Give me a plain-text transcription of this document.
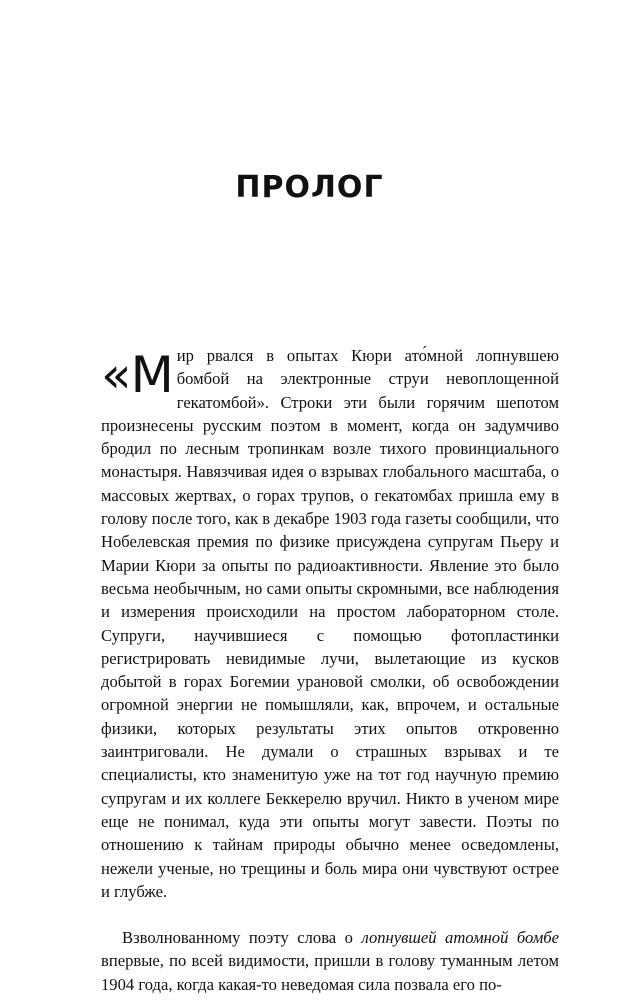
ПРОЛОГ

«Мир рвался в опытах Кюри ато́мной лопнувшею бомбой на электронные струи невоплощенной гекатомбой». Строки эти были горячим шепотом произнесены русским поэтом в момент, когда он задумчиво бродил по лесным тропинкам возле тихого провинциального монастыря. Навязчивая идея о взрывах глобального масштаба, о массовых жертвах, о горах трупов, о гекатомбах пришла ему в голову после того, как в декабре 1903 года газеты сообщили, что Нобелевская премия по физике присуждена супругам Пьеру и Марии Кюри за опыты по радиоактивности. Явление это было весьма необычным, но сами опыты скромными, все наблюдения и измерения происходили на простом лабораторном столе. Супруги, научившиеся с помощью фотопластинки регистрировать невидимые лучи, вылетающие из кусков добытой в горах Богемии урановой смолки, об освобождении огромной энергии не помышляли, как, впрочем, и остальные физики, которых результаты этих опытов откровенно заинтриговали. Не думали о страшных взрывах и те специалисты, кто знаменитую уже на тот год научную премию супругам и их коллеге Беккерелю вручил. Никто в ученом мире еще не понимал, куда эти опыты могут завести. Поэты по отношению к тайнам природы обычно менее осведомлены, нежели ученые, но трещины и боль мира они чувствуют острее и глубже.

Взволнованному поэту слова о лопнувшей атомной бомбе впервые, по всей видимости, пришли в голову туманным летом 1904 года, когда какая-то неведомая сила позвала его по-
